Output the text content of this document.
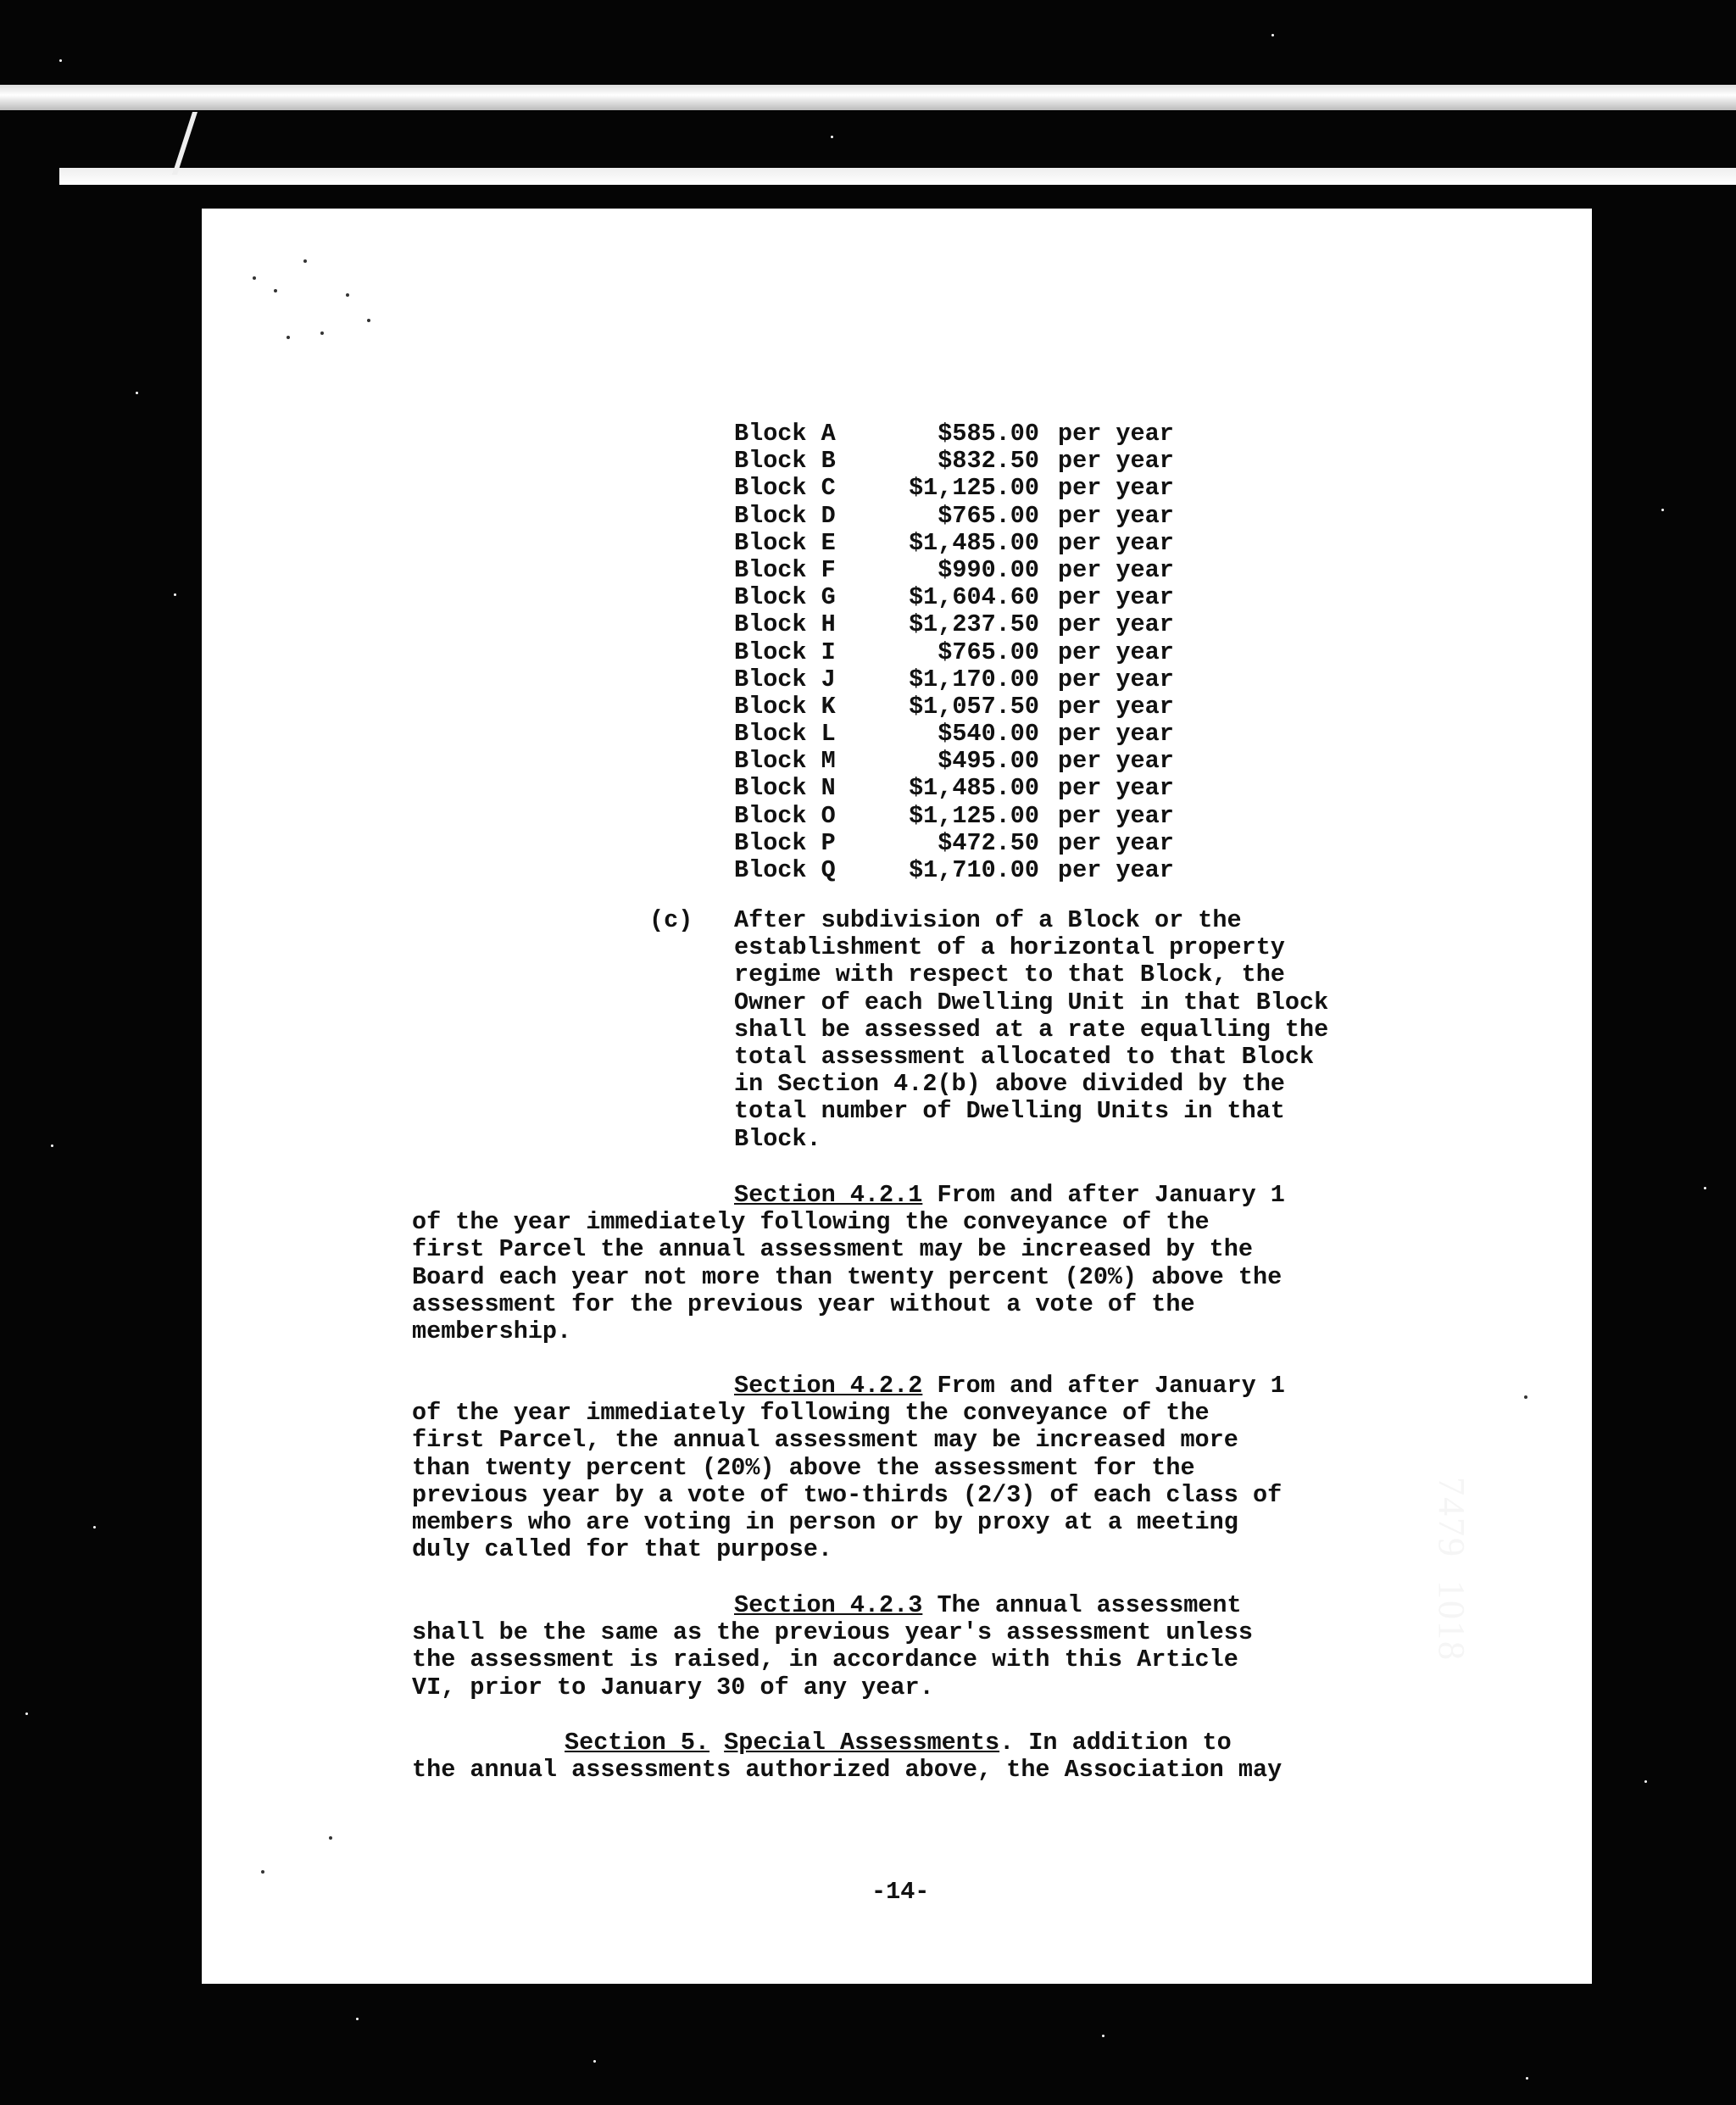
Block A	$585.00 per year
Block B	$832.50 per year
Block C	$1,125.00 per year
Block D	$765.00 per year
Block E	$1,485.00 per year
Block F	$990.00 per year
Block G	$1,604.60 per year
Block H	$1,237.50 per year
Block I	$765.00 per year
Block J	$1,170.00 per year
Block K	$1,057.50 per year
Block L	$540.00 per year
Block M	$495.00 per year
Block N	$1,485.00 per year
Block O	$1,125.00 per year
Block P	$472.50 per year
Block Q	$1,710.00 per year
(c) After subdivision of a Block or the
establishment of a horizontal property
regime with respect to that Block, the
Owner of each Dwelling Unit in that Block
shall be assessed at a rate equalling the
total assessment allocated to that Block
in Section 4.2(b) above divided by the
total number of Dwelling Units in that
Block.
Section 4.2.1 From and after January 1
of the year immediately following the conveyance of the
first Parcel the annual assessment may be increased by the
Board each year not more than twenty percent (20%) above the
assessment for the previous year without a vote of the
membership.
Section 4.2.2 From and after January 1
of the year immediately following the conveyance of the
first Parcel, the annual assessment may be increased more
than twenty percent (20%) above the assessment for the
previous year by a vote of two-thirds (2/3) of each class of
members who are voting in person or by proxy at a meeting
duly called for that purpose.
Section 4.2.3 The annual assessment
shall be the same as the previous year's assessment unless
the assessment is raised, in accordance with this Article
VI, prior to January 30 of any year.
Section 5. Special Assessments. In addition to
the annual assessments authorized above, the Association may
-14-
7479  1018
